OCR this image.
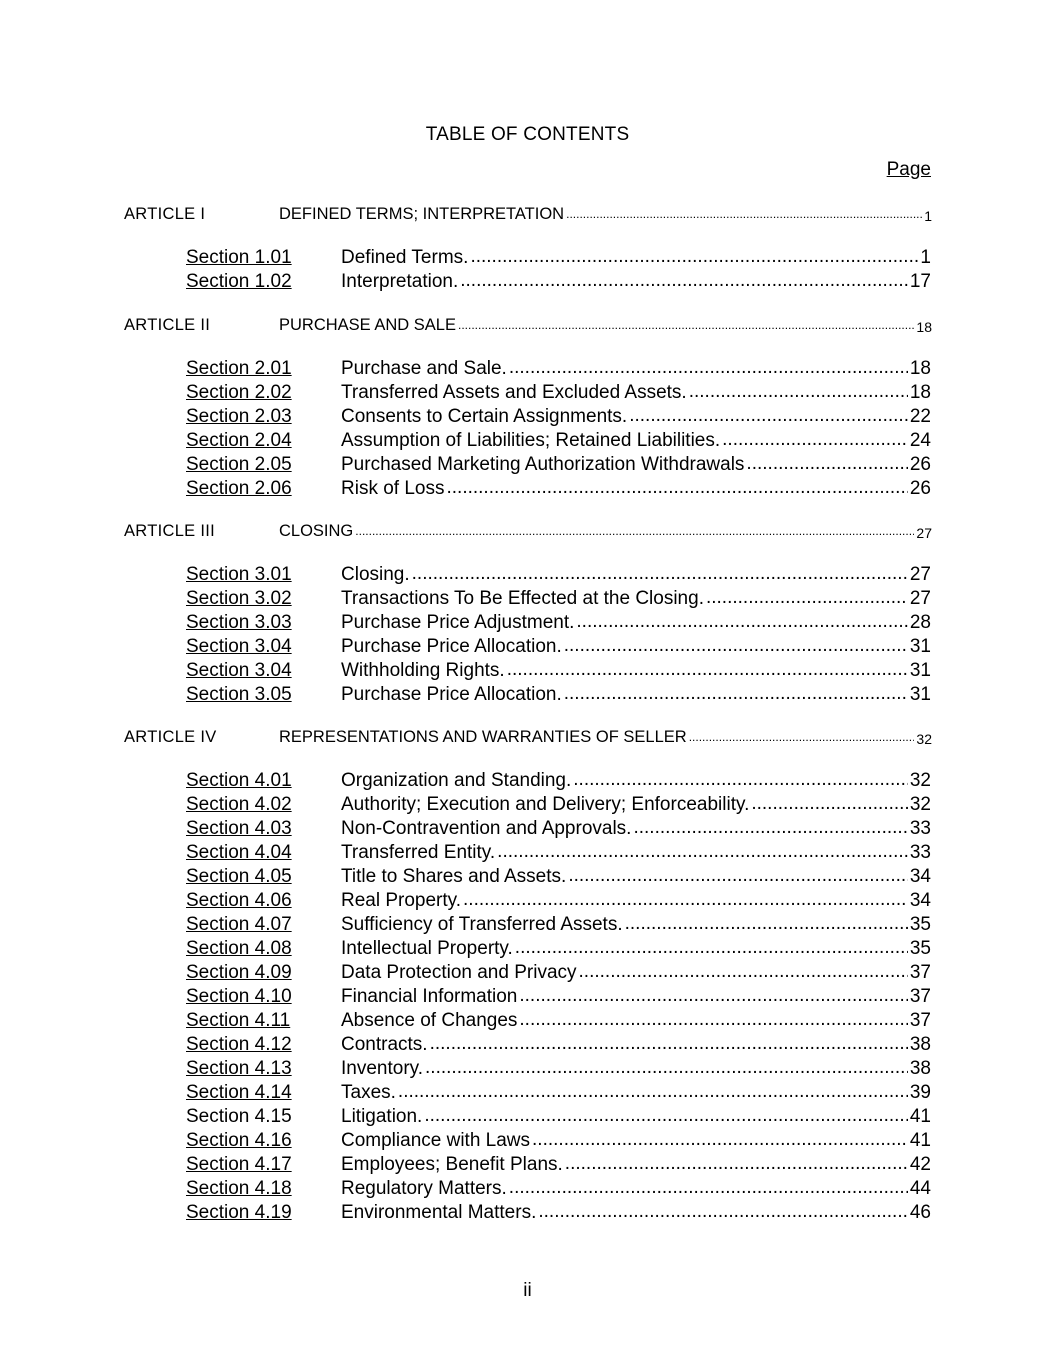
TABLE OF CONTENTS
Page
ARTICLE I	DEFINED TERMS; INTERPRETATION .....	1
Section 1.01	Defined Terms. .....	1
Section 1.02	Interpretation. .....	17
ARTICLE II	PURCHASE AND SALE .....	18
Section 2.01	Purchase and Sale. .....	18
Section 2.02	Transferred Assets and Excluded Assets. .....	18
Section 2.03	Consents to Certain Assignments. .....	22
Section 2.04	Assumption of Liabilities; Retained Liabilities. .....	24
Section 2.05	Purchased Marketing Authorization Withdrawals .....	26
Section 2.06	Risk of Loss .....	26
ARTICLE III	CLOSING .....	27
Section 3.01	Closing. .....	27
Section 3.02	Transactions To Be Effected at the Closing. .....	27
Section 3.03	Purchase Price Adjustment. .....	28
Section 3.04	Purchase Price Allocation. .....	31
Section 3.04	Withholding Rights. .....	31
Section 3.05	Purchase Price Allocation. .....	31
ARTICLE IV	REPRESENTATIONS AND WARRANTIES OF SELLER .....	32
Section 4.01	Organization and Standing. .....	32
Section 4.02	Authority; Execution and Delivery; Enforceability. .....	32
Section 4.03	Non-Contravention and Approvals. .....	33
Section 4.04	Transferred Entity. .....	33
Section 4.05	Title to Shares and Assets. .....	34
Section 4.06	Real Property. .....	34
Section 4.07	Sufficiency of Transferred Assets. .....	35
Section 4.08	Intellectual Property. .....	35
Section 4.09	Data Protection and Privacy .....	37
Section 4.10	Financial Information .....	37
Section 4.11	Absence of Changes .....	37
Section 4.12	Contracts. .....	38
Section 4.13	Inventory. .....	38
Section 4.14	Taxes. .....	39
Section 4.15	Litigation. .....	41
Section 4.16	Compliance with Laws .....	41
Section 4.17	Employees; Benefit Plans. .....	42
Section 4.18	Regulatory Matters. .....	44
Section 4.19	Environmental Matters. .....	46
ii
